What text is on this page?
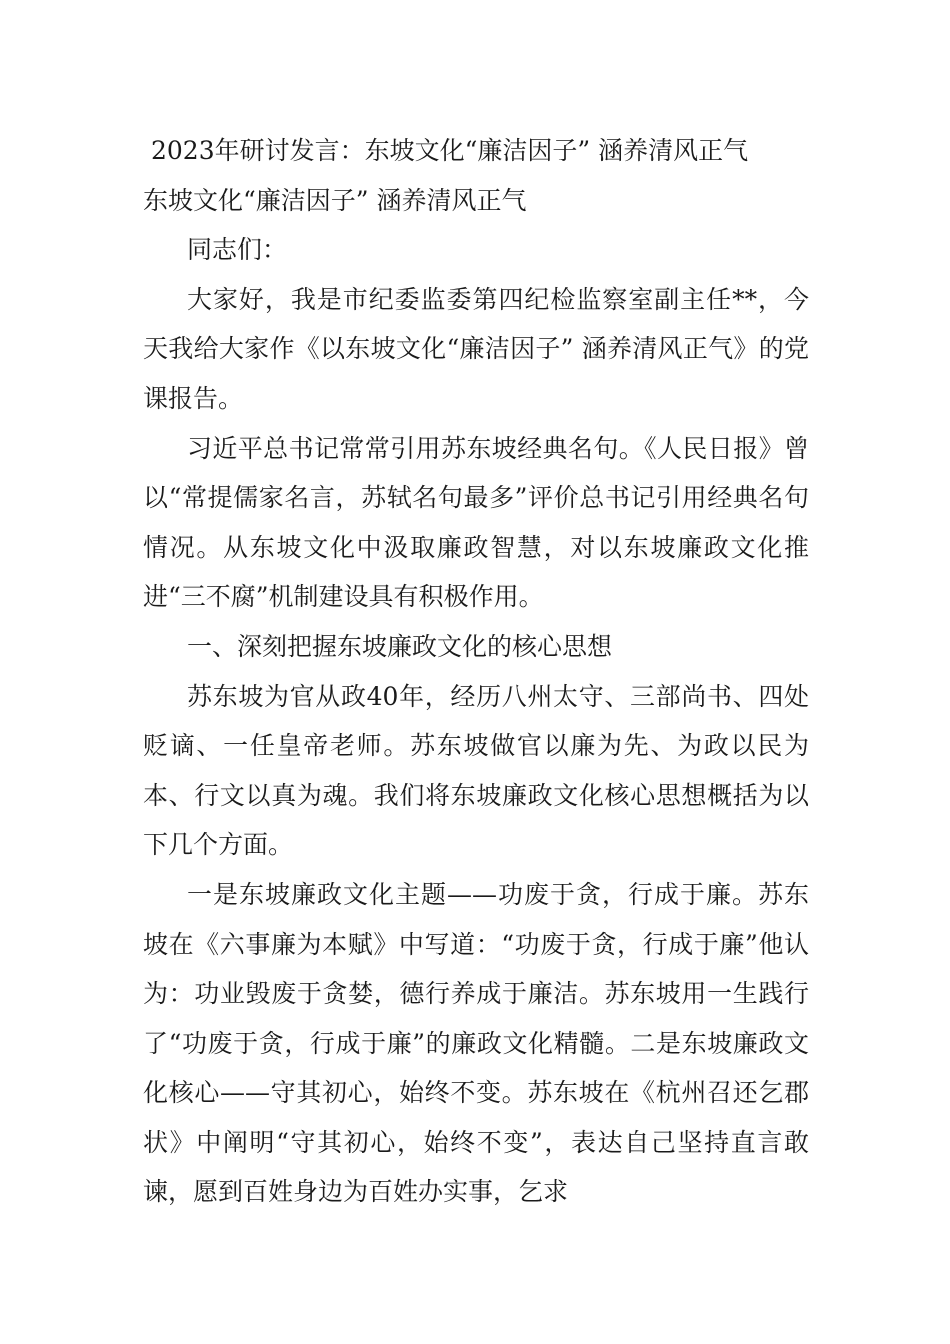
2023年研讨发言：东坡文化“廉洁因子” 涵养清风正气

东坡文化“廉洁因子” 涵养清风正气

同志们：

大家好，我是市纪委监委第四纪检监察室副主任**，今天我给大家作《以东坡文化“廉洁因子” 涵养清风正气》的党课报告。

习近平总书记常常引用苏东坡经典名句。《人民日报》曾以“常提儒家名言，苏轼名句最多”评价总书记引用经典名句情况。从东坡文化中汲取廉政智慧，对以东坡廉政文化推进“三不腐”机制建设具有积极作用。

一、深刻把握东坡廉政文化的核心思想

苏东坡为官从政40年，经历八州太守、三部尚书、四处贬谪、一任皇帝老师。苏东坡做官以廉为先、为政以民为本、行文以真为魂。我们将东坡廉政文化核心思想概括为以下几个方面。

一是东坡廉政文化主题——功废于贪，行成于廉。苏东坡在《六事廉为本赋》中写道：“功废于贪，行成于廉”他认为：功业毁废于贪婪，德行养成于廉洁。苏东坡用一生践行了“功废于贪，行成于廉”的廉政文化精髓。二是东坡廉政文化核心——守其初心，始终不变。苏东坡在《杭州召还乞郡状》中阐明“守其初心，始终不变”，表达自己坚持直言敢谏，愿到百姓身边为百姓办实事，乞求
